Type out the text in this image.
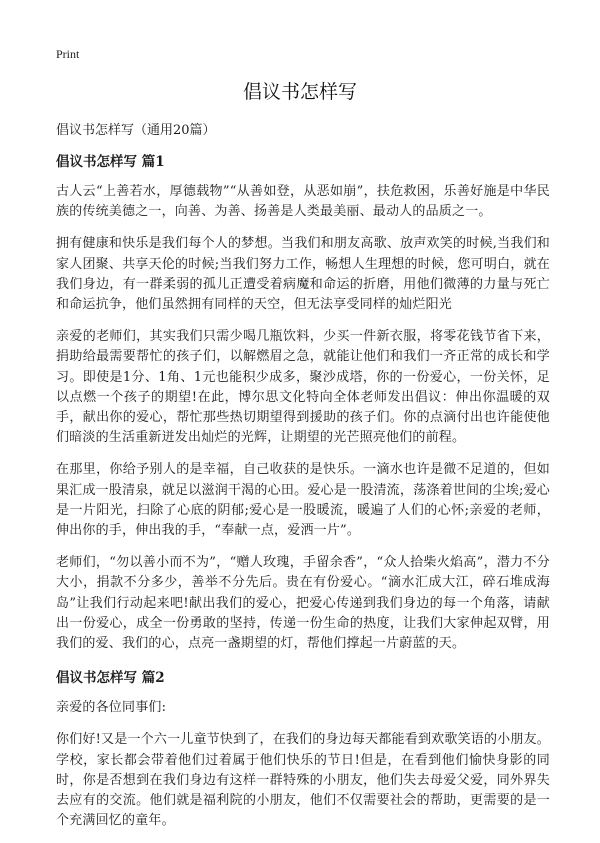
Print
倡议书怎样写
倡议书怎样写（通用20篇）
倡议书怎样写 篇1

古人云“上善若水，厚德载物”“从善如登，从恶如崩”，扶危救困，乐善好施是中华民族的传统美德之一，向善、为善、扬善是人类最美丽、最动人的品质之一。

拥有健康和快乐是我们每个人的梦想。当我们和朋友高歌、放声欢笑的时候,当我们和家人团聚、共享天伦的时候;当我们努力工作，畅想人生理想的时候，您可明白，就在我们身边，有一群柔弱的孤儿正遭受着病魔和命运的折磨，用他们微薄的力量与死亡和命运抗争，他们虽然拥有同样的天空，但无法享受同样的灿烂阳光

亲爱的老师们，其实我们只需少喝几瓶饮料，少买一件新衣服，将零花钱节省下来，捐助给最需要帮忙的孩子们，以解燃眉之急，就能让他们和我们一齐正常的成长和学习。即使是1分、1角、1元也能积少成多，聚沙成塔，你的一份爱心，一份关怀，足以点燃一个孩子的期望!在此，博尔思文化特向全体老师发出倡议：伸出你温暖的双手，献出你的爱心，帮忙那些热切期望得到援助的孩子们。你的点滴付出也许能使他们暗淡的生活重新迸发出灿烂的光辉，让期望的光芒照亮他们的前程。

在那里，你给予别人的是幸福，自己收获的是快乐。一滴水也许是微不足道的，但如果汇成一股清泉，就足以滋润干渴的心田。爱心是一股清流，荡涤着世间的尘埃;爱心是一片阳光，扫除了心底的阴郁;爱心是一股暖流，暖遍了人们的心怀;亲爱的老师，伸出你的手，伸出我的手，“奉献一点，爱洒一片”。

老师们，“勿以善小而不为”，“赠人玫瑰，手留余香”，“众人拾柴火焰高”，潜力不分大小，捐款不分多少，善举不分先后。贵在有份爱心。“滴水汇成大江，碎石堆成海岛”让我们行动起来吧!献出我们的爱心，把爱心传递到我们身边的每一个角落，请献出一份爱心，成全一份勇敢的坚持，传递一份生命的热度，让我们大家伸起双臂，用我们的爱、我们的心，点亮一盏期望的灯，帮他们撑起一片蔚蓝的天。

倡议书怎样写 篇2

亲爱的各位同事们:

你们好!又是一个六一儿童节快到了，在我们的身边每天都能看到欢歌笑语的小朋友。学校，家长都会带着他们过着属于他们快乐的节日!但是，在看到他们愉快身影的同时，你是否想到在我们身边有这样一群特殊的小朋友，他们失去母爱父爱，同外界失去应有的交流。他们就是福利院的小朋友，他们不仅需要社会的帮助，更需要的是一个充满回忆的童年。
